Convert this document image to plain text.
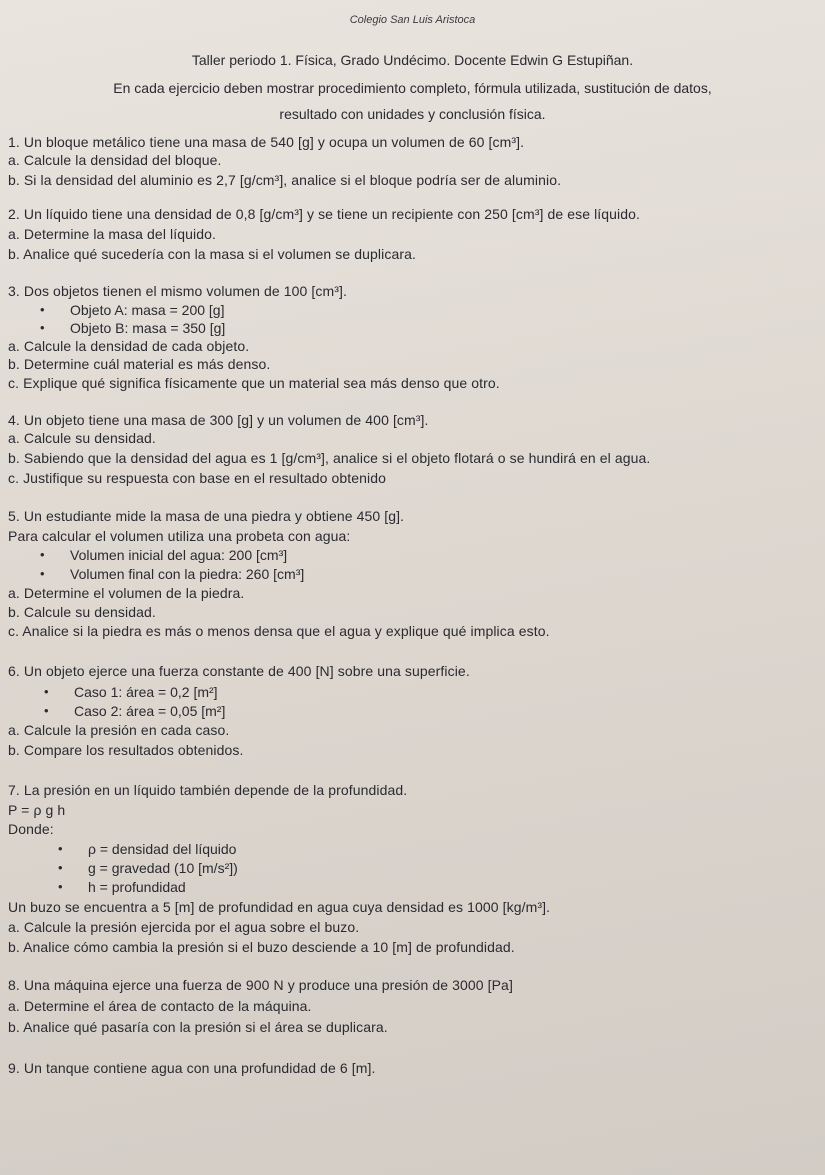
Colegio San Luis Aristoca
Taller periodo 1. Física, Grado Undécimo. Docente Edwin G Estupiñan.
En cada ejercicio deben mostrar procedimiento completo, fórmula utilizada, sustitución de datos,
resultado con unidades y conclusión física.
1. Un bloque metálico tiene una masa de 540 [g] y ocupa un volumen de 60 [cm³].
a. Calcule la densidad del bloque.
b. Si la densidad del aluminio es 2,7 [g/cm³], analice si el bloque podría ser de aluminio.
2. Un líquido tiene una densidad de 0,8 [g/cm³] y se tiene un recipiente con 250 [cm³] de ese líquido.
a. Determine la masa del líquido.
b. Analice qué sucedería con la masa si el volumen se duplicara.
3. Dos objetos tienen el mismo volumen de 100 [cm³].
• Objeto A: masa = 200 [g]
• Objeto B: masa = 350 [g]
a. Calcule la densidad de cada objeto.
b. Determine cuál material es más denso.
c. Explique qué significa físicamente que un material sea más denso que otro.
4. Un objeto tiene una masa de 300 [g] y un volumen de 400 [cm³].
a. Calcule su densidad.
b. Sabiendo que la densidad del agua es 1 [g/cm³], analice si el objeto flotará o se hundirá en el agua.
c. Justifique su respuesta con base en el resultado obtenido
5. Un estudiante mide la masa de una piedra y obtiene 450 [g].
Para calcular el volumen utiliza una probeta con agua:
• Volumen inicial del agua: 200 [cm³]
• Volumen final con la piedra: 260 [cm³]
a. Determine el volumen de la piedra.
b. Calcule su densidad.
c. Analice si la piedra es más o menos densa que el agua y explique qué implica esto.
6. Un objeto ejerce una fuerza constante de 400 [N] sobre una superficie.
• Caso 1: área = 0,2 [m²]
• Caso 2: área = 0,05 [m²]
a. Calcule la presión en cada caso.
b. Compare los resultados obtenidos.
7. La presión en un líquido también depende de la profundidad.
P = ρ g h
Donde:
• ρ = densidad del líquido
• g = gravedad (10 [m/s²])
• h = profundidad
Un buzo se encuentra a 5 [m] de profundidad en agua cuya densidad es 1000 [kg/m³].
a. Calcule la presión ejercida por el agua sobre el buzo.
b. Analice cómo cambia la presión si el buzo desciende a 10 [m] de profundidad.
8. Una máquina ejerce una fuerza de 900 N y produce una presión de 3000 [Pa]
a. Determine el área de contacto de la máquina.
b. Analice qué pasaría con la presión si el área se duplicara.
9. Un tanque contiene agua con una profundidad de 6 [m].
